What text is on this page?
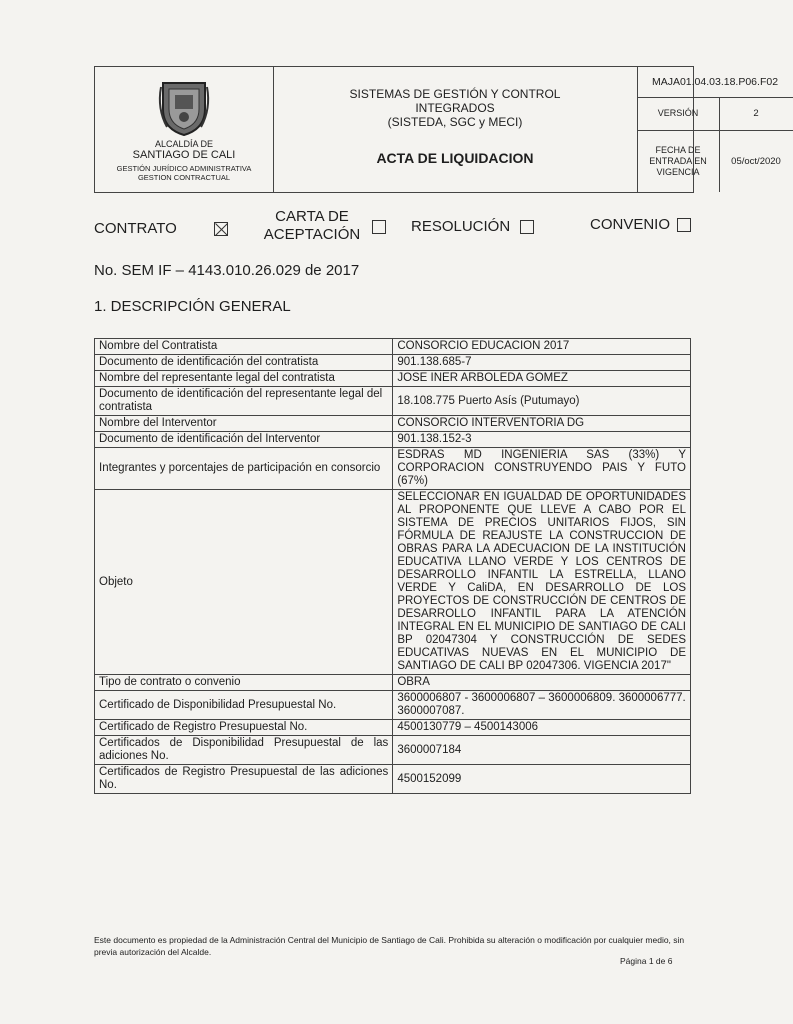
ALCALDÍA DE
SANTIAGO DE CALI
GESTIÓN JURÍDICO ADMINISTRATIVA
GESTION CONTRACTUAL
SISTEMAS DE GESTIÓN Y CONTROL
INTEGRADOS
(SISTEDA, SGC y MECI)
ACTA DE LIQUIDACION
MAJA01.04.03.18.P06.F02
VERSIÓN	2
FECHA DE ENTRADA EN VIGENCIA
05/oct/2020
CONTRATO
CARTA DE
ACEPTACIÓN	RESOLUCIÓN	CONVENIO
No. SEM IF – 4143.010.26.029 de 2017
1. DESCRIPCIÓN GENERAL
Nombre del Contratista	CONSORCIO EDUCACION 2017
Documento de identificación del contratista	901.138.685-7
Nombre del representante legal del contratista	JOSE INER ARBOLEDA GOMEZ
Documento de identificación del representante legal del contratista	18.108.775 Puerto Asís (Putumayo)
Nombre del Interventor	CONSORCIO INTERVENTORIA DG
Documento de identificación del Interventor	901.138.152-3
Integrantes y porcentajes de participación en consorcio	ESDRAS MD INGENIERIA SAS (33%) Y CORPORACION CONSTRUYENDO PAIS Y FUTO (67%)
Objeto	SELECCIONAR EN IGUALDAD DE OPORTUNIDADES AL PROPONENTE QUE LLEVE A CABO POR EL SISTEMA DE PRECIOS UNITARIOS FIJOS, SIN FÓRMULA DE REAJUSTE LA CONSTRUCCION DE OBRAS PARA LA ADECUACION DE LA INSTITUCIÓN EDUCATIVA LLANO VERDE Y LOS CENTROS DE DESARROLLO INFANTIL LA ESTRELLA, LLANO VERDE Y CaliDA, EN DESARROLLO DE LOS PROYECTOS DE CONSTRUCCIÓN DE CENTROS DE DESARROLLO INFANTIL PARA LA ATENCIÓN INTEGRAL EN EL MUNICIPIO DE SANTIAGO DE CALI BP 02047304 Y CONSTRUCCIÓN DE SEDES EDUCATIVAS NUEVAS EN EL MUNICIPIO DE SANTIAGO DE CALI BP 02047306. VIGENCIA 2017"
Tipo de contrato o convenio	OBRA
Certificado de Disponibilidad Presupuestal No.	3600006807 - 3600006807 – 3600006809. 3600006777. 3600007087.
Certificado de Registro Presupuestal No.	4500130779 – 4500143006
Certificados de Disponibilidad Presupuestal de las adiciones No.	3600007184
Certificados de Registro Presupuestal de las adiciones No.	4500152099
Este documento es propiedad de la Administración Central del Municipio de Santiago de Cali. Prohibida su alteración o modificación por cualquier medio, sin previa autorización del Alcalde.
Página 1 de 6
